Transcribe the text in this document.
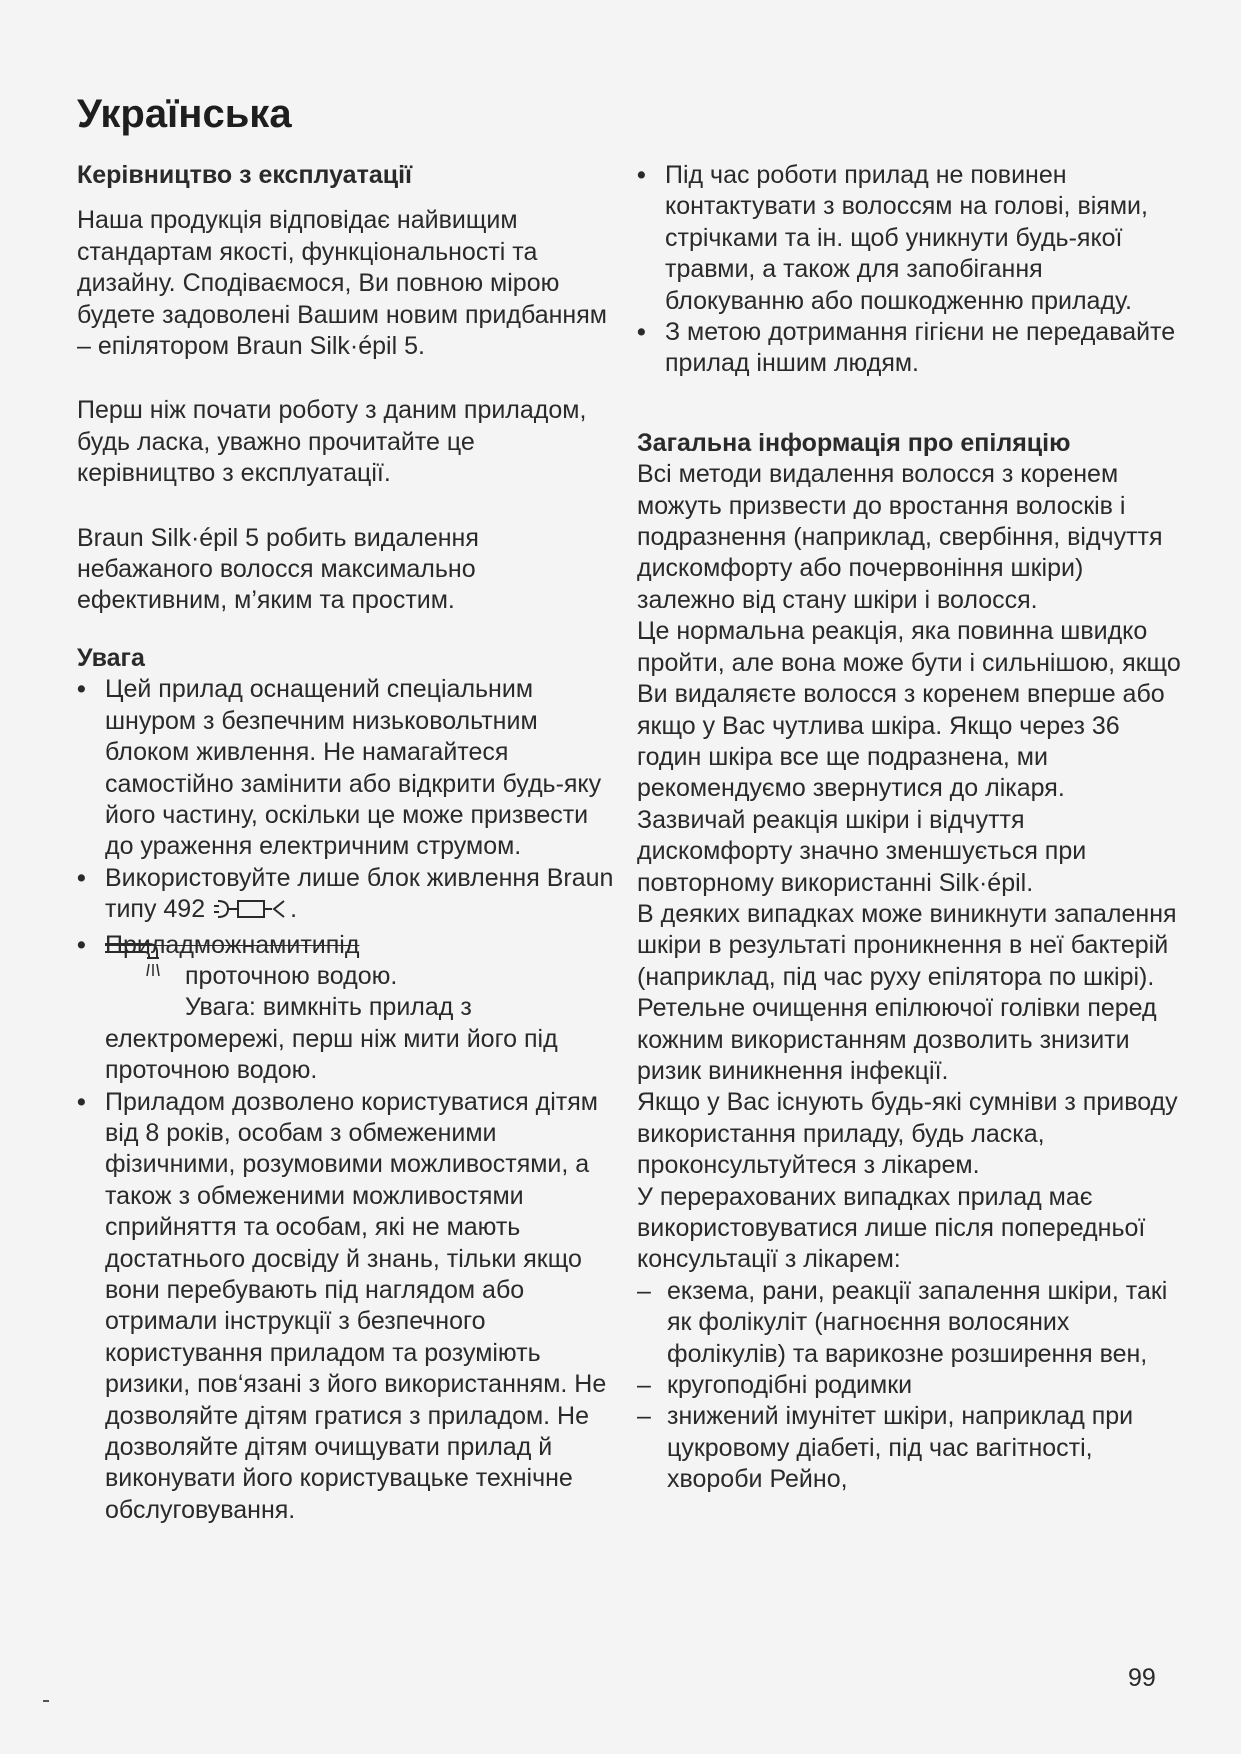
Українська

Керівництво з експлуатації

Наша продукція відповідає найвищим стандартам якості, функціональності та дизайну. Сподіваємося, Ви повною мірою будете задоволені Вашим новим придбанням – епілятором Braun Silk·épil 5.

Перш ніж почати роботу з даним приладом, будь ласка, уважно прочитайте це керівництво з експлуатації.

Braun Silk·épil 5 робить видалення небажаного волосся максимально ефективним, м’яким та простим.

Увага

• Цей прилад оснащений спеціальним шнуром з безпечним низьковольтним блоком живлення. Не намагайтеся самостійно замінити або відкрити будь-яку його частину, оскільки це може призвести до ураження електричним струмом.
• Використовуйте лише блок живлення Braun типу 492	.
• Приладможнамитипід
проточною водою.
Увага: вимкніть прилад з електромережі, перш ніж мити його під проточною водою.
• Приладом дозволено користуватися дітям від 8 років, особам з обмеженими фізичними, розумовими можливостями, а також з обмеженими можливостями сприйняття та особам, які не мають достатнього досвіду й знань, тільки якщо вони перебувають під наглядом або отримали інструкції з безпечного користування приладом та розуміють ризики, пов‘язані з його використанням. Не дозволяйте дітям гратися з приладом. Не дозволяйте дітям очищувати прилад й виконувати його користувацьке технічне обслуговування.
• Під час роботи прилад не повинен контактувати з волоссям на голові, віями, стрічками та ін. щоб уникнути будь-якої травми, а також для запобігання блокуванню або пошкодженню приладу.
• З метою дотримання гігієни не передавайте прилад іншим людям.

Загальна інформація про епіляцію

Всі методи видалення волосся з коренем можуть призвести до вростання волосків і подразнення (наприклад, свербіння, відчуття дискомфорту або почервоніння шкіри) залежно від стану шкіри і волосся.

Це нормальна реакція, яка повинна швидко пройти, але вона може бути і сильнішою, якщо Ви видаляєте волосся з коренем вперше або якщо у Вас чутлива шкіра. Якщо через 36 годин шкіра все ще подразнена, ми рекомендуємо звернутися до лікаря.

Зазвичай реакція шкіри і відчуття дискомфорту значно зменшується при повторному використанні Silk·épil.

В деяких випадках може виникнути запалення шкіри в результаті проникнення в неї бактерій (наприклад, під час руху епілятора по шкірі). Ретельне очищення епілюючої голівки перед кожним використанням дозволить знизити ризик виникнення інфекції.

Якщо у Вас існують будь-які сумніви з приводу використання приладу, будь ласка, проконсультуйтеся з лікарем.

У перерахованих випадках прилад має використовуватися лише після попередньої консультації з лікарем:

– екзема, рани, реакції запалення шкіри, такі як фолікуліт (нагноєння волосяних фолікулів) та варикозне розширення вен,
– кругоподібні родимки
– знижений імунітет шкіри, наприклад при цукровому діабеті, під час вагітності, хвороби Рейно,
99
